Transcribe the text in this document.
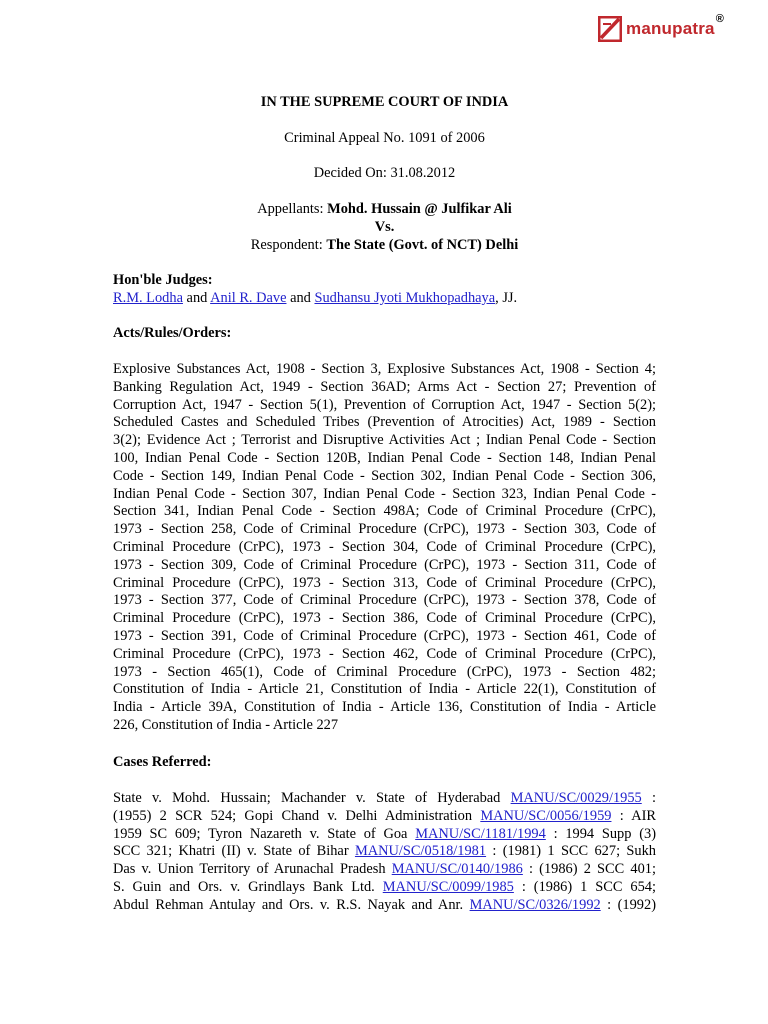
manupatra ®
IN THE SUPREME COURT OF INDIA
Criminal Appeal No. 1091 of 2006
Decided On: 31.08.2012
Appellants: Mohd. Hussain @ Julfikar Ali
Vs.
Respondent: The State (Govt. of NCT) Delhi
Hon'ble Judges:
R.M. Lodha and Anil R. Dave and Sudhansu Jyoti Mukhopadhaya, JJ.
Acts/Rules/Orders:
Explosive Substances Act, 1908 - Section 3, Explosive Substances Act, 1908 - Section 4;
Banking Regulation Act, 1949 - Section 36AD; Arms Act - Section 27; Prevention of
Corruption Act, 1947 - Section 5(1), Prevention of Corruption Act, 1947 - Section 5(2);
Scheduled Castes and Scheduled Tribes (Prevention of Atrocities) Act, 1989 - Section
3(2); Evidence Act ; Terrorist and Disruptive Activities Act ; Indian Penal Code - Section
100, Indian Penal Code - Section 120B, Indian Penal Code - Section 148, Indian Penal
Code - Section 149, Indian Penal Code - Section 302, Indian Penal Code - Section 306,
Indian Penal Code - Section 307, Indian Penal Code - Section 323, Indian Penal Code -
Section 341, Indian Penal Code - Section 498A; Code of Criminal Procedure (CrPC),
1973 - Section 258, Code of Criminal Procedure (CrPC), 1973 - Section 303, Code of
Criminal Procedure (CrPC), 1973 - Section 304, Code of Criminal Procedure (CrPC),
1973 - Section 309, Code of Criminal Procedure (CrPC), 1973 - Section 311, Code of
Criminal Procedure (CrPC), 1973 - Section 313, Code of Criminal Procedure (CrPC),
1973 - Section 377, Code of Criminal Procedure (CrPC), 1973 - Section 378, Code of
Criminal Procedure (CrPC), 1973 - Section 386, Code of Criminal Procedure (CrPC),
1973 - Section 391, Code of Criminal Procedure (CrPC), 1973 - Section 461, Code of
Criminal Procedure (CrPC), 1973 - Section 462, Code of Criminal Procedure (CrPC),
1973 - Section 465(1), Code of Criminal Procedure (CrPC), 1973 - Section 482;
Constitution of India - Article 21, Constitution of India - Article 22(1), Constitution of
India - Article 39A, Constitution of India - Article 136, Constitution of India - Article
226, Constitution of India - Article 227
Cases Referred:
State v. Mohd. Hussain; Machander v. State of Hyderabad MANU/SC/0029/1955 :
(1955) 2 SCR 524; Gopi Chand v. Delhi Administration MANU/SC/0056/1959 : AIR
1959 SC 609; Tyron Nazareth v. State of Goa MANU/SC/1181/1994 : 1994 Supp (3)
SCC 321; Khatri (II) v. State of Bihar MANU/SC/0518/1981 : (1981) 1 SCC 627; Sukh
Das v. Union Territory of Arunachal Pradesh MANU/SC/0140/1986 : (1986) 2 SCC 401;
S. Guin and Ors. v. Grindlays Bank Ltd. MANU/SC/0099/1985 : (1986) 1 SCC 654;
Abdul Rehman Antulay and Ors. v. R.S. Nayak and Anr. MANU/SC/0326/1992 : (1992)
